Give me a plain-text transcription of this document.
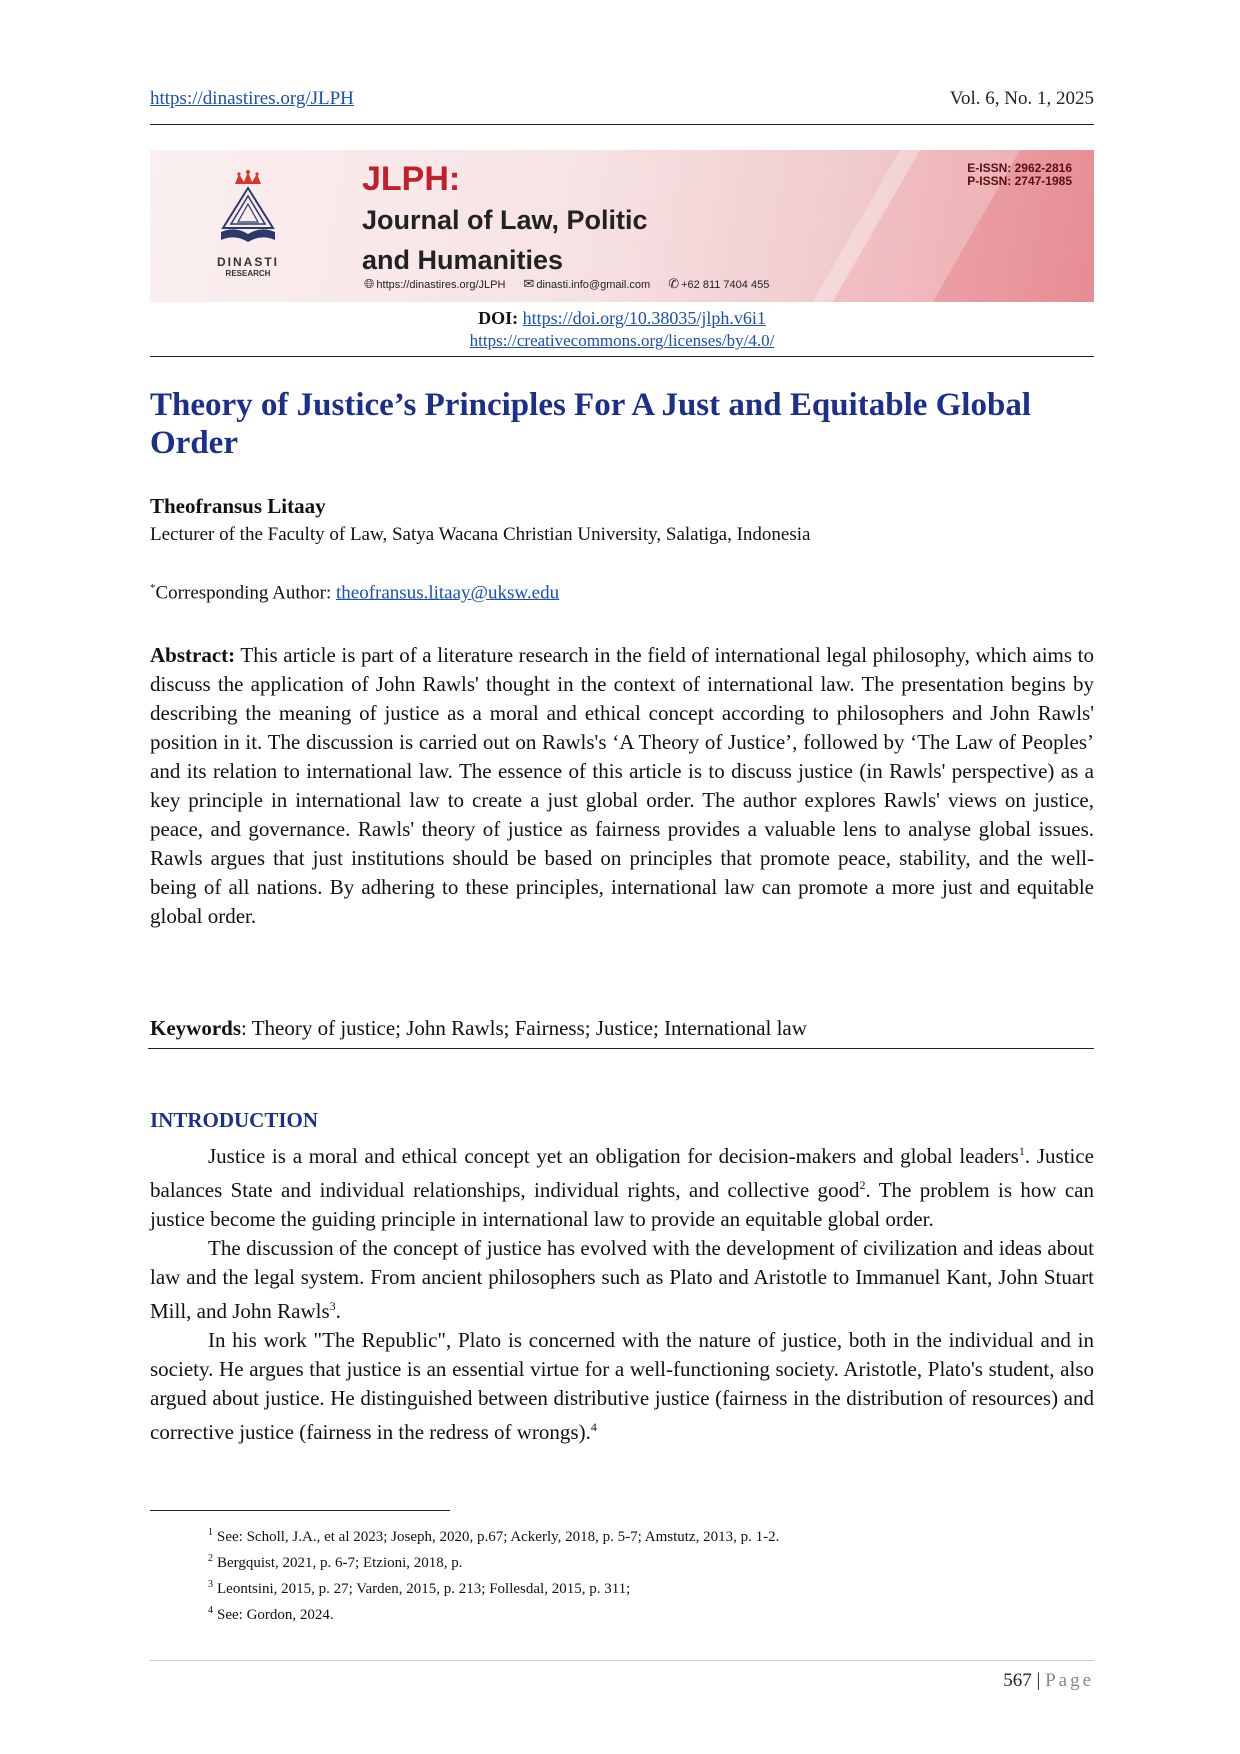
https://dinastires.org/JLPH	Vol. 6, No. 1, 2025
DINASTI
RESEARCH
JLPH:
Journal of Law, Politic
and Humanities
E-ISSN: 2962-2816
P-ISSN: 2747-1985
🌐︎ https://dinastires.org/JLPH ✉ dinasti.info@gmail.com ✆ +62 811 7404 455
DOI: https://doi.org/10.38035/jlph.v6i1
https://creativecommons.org/licenses/by/4.0/
Theory of Justice’s Principles For A Just and Equitable Global
Order
Theofransus Litaay
Lecturer of the Faculty of Law, Satya Wacana Christian University, Salatiga, Indonesia
*Corresponding Author: theofransus.litaay@uksw.edu
Abstract: This article is part of a literature research in the field of international legal philosophy, which aims to discuss the application of John Rawls' thought in the context of international law. The presentation begins by describing the meaning of justice as a moral and ethical concept according to philosophers and John Rawls' position in it. The discussion is carried out on Rawls's ‘A Theory of Justice’, followed by ‘The Law of Peoples’ and its relation to international law. The essence of this article is to discuss justice (in Rawls' perspective) as a key principle in international law to create a just global order. The author explores Rawls' views on justice, peace, and governance. Rawls' theory of justice as fairness provides a valuable lens to analyse global issues. Rawls argues that just institutions should be based on principles that promote peace, stability, and the well-being of all nations. By adhering to these principles, international law can promote a more just and equitable global order.
Keywords: Theory of justice; John Rawls; Fairness; Justice; International law
INTRODUCTION

Justice is a moral and ethical concept yet an obligation for decision-makers and global leaders$^1$. Justice balances State and individual relationships, individual rights, and collective good$^2$. The problem is how can justice become the guiding principle in international law to provide an equitable global order.

The discussion of the concept of justice has evolved with the development of civilization and ideas about law and the legal system. From ancient philosophers such as Plato and Aristotle to Immanuel Kant, John Stuart Mill, and John Rawls$^3$.

In his work "The Republic", Plato is concerned with the nature of justice, both in the individual and in society. He argues that justice is an essential virtue for a well-functioning society. Aristotle, Plato's student, also argued about justice. He distinguished between distributive justice (fairness in the distribution of resources) and corrective justice (fairness in the redress of wrongs).$^4$

$^1$ See: Scholl, J.A., et al 2023; Joseph, 2020, p.67; Ackerly, 2018, p. 5-7; Amstutz, 2013, p. 1-2.
$^2$ Bergquist, 2021, p. 6-7; Etzioni, 2018, p.
$^3$ Leontsini, 2015, p. 27; Varden, 2015, p. 213; Follesdal, 2015, p. 311;
$^4$ See: Gordon, 2024.
567 | Page
